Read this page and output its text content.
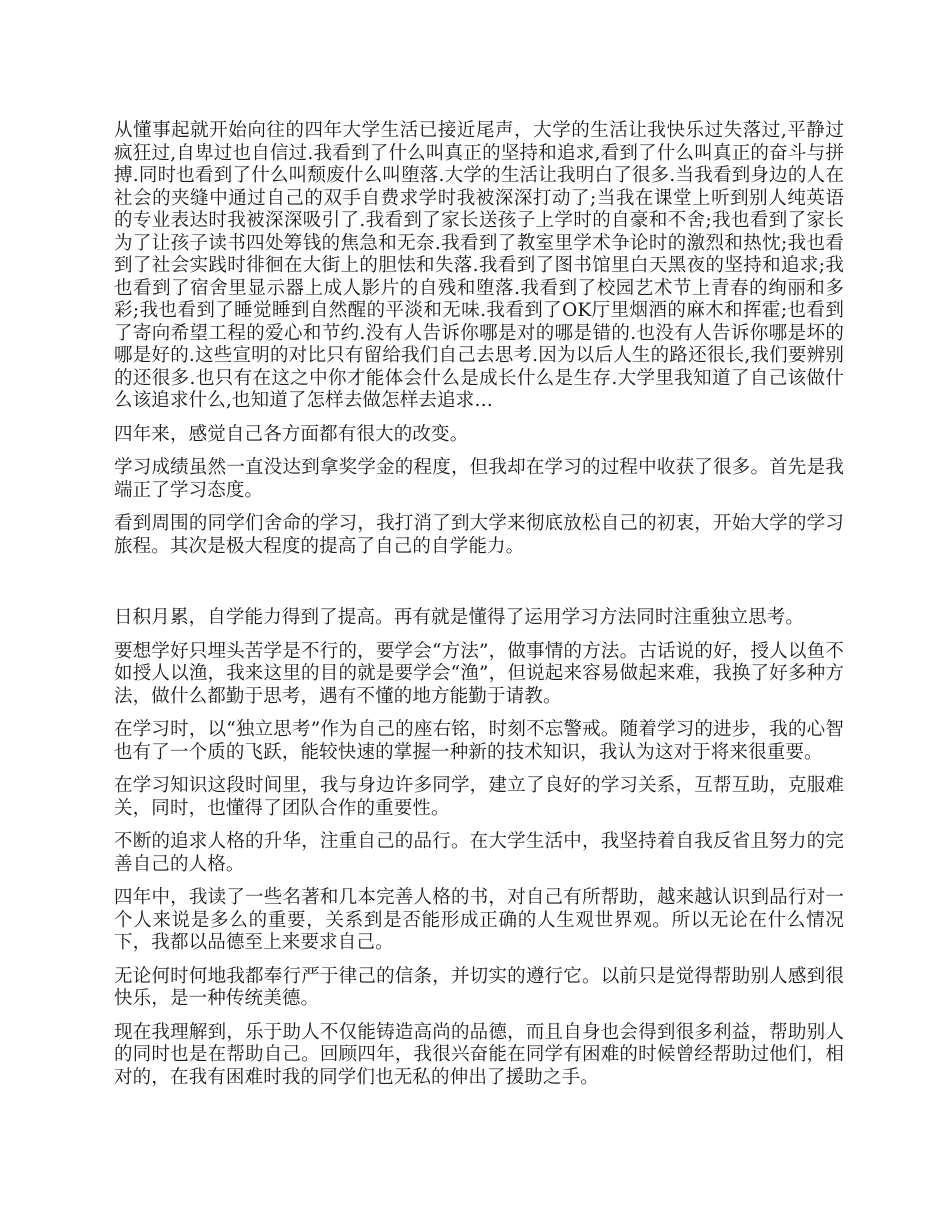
从懂事起就开始向往的四年大学生活已接近尾声，大学的生活让我快乐过失落过,平静过疯狂过,自卑过也自信过.我看到了什么叫真正的坚持和追求,看到了什么叫真正的奋斗与拼搏.同时也看到了什么叫颓废什么叫堕落.大学的生活让我明白了很多.当我看到身边的人在社会的夹缝中通过自己的双手自费求学时我被深深打动了;当我在课堂上听到别人纯英语的专业表达时我被深深吸引了.我看到了家长送孩子上学时的自豪和不舍;我也看到了家长为了让孩子读书四处筹钱的焦急和无奈.我看到了教室里学术争论时的激烈和热忱;我也看到了社会实践时徘徊在大街上的胆怯和失落.我看到了图书馆里白天黑夜的坚持和追求;我也看到了宿舍里显示器上成人影片的自残和堕落.我看到了校园艺术节上青春的绚丽和多彩;我也看到了睡觉睡到自然醒的平淡和无味.我看到了OK厅里烟酒的麻木和挥霍;也看到了寄向希望工程的爱心和节约.没有人告诉你哪是对的哪是错的.也没有人告诉你哪是坏的哪是好的.这些宣明的对比只有留给我们自己去思考.因为以后人生的路还很长,我们要辨别的还很多.也只有在这之中你才能体会什么是成长什么是生存.大学里我知道了自己该做什么该追求什么,也知道了怎样去做怎样去追求…

四年来，感觉自己各方面都有很大的改变。

学习成绩虽然一直没达到拿奖学金的程度，但我却在学习的过程中收获了很多。首先是我端正了学习态度。

看到周围的同学们舍命的学习，我打消了到大学来彻底放松自己的初衷，开始大学的学习旅程。其次是极大程度的提高了自己的自学能力。

日积月累，自学能力得到了提高。再有就是懂得了运用学习方法同时注重独立思考。

要想学好只埋头苦学是不行的，要学会“方法”，做事情的方法。古话说的好，授人以鱼不如授人以渔，我来这里的目的就是要学会“渔”，但说起来容易做起来难，我换了好多种方法，做什么都勤于思考，遇有不懂的地方能勤于请教。

在学习时，以“独立思考”作为自己的座右铭，时刻不忘警戒。随着学习的进步，我的心智也有了一个质的飞跃，能较快速的掌握一种新的技术知识，我认为这对于将来很重要。

在学习知识这段时间里，我与身边许多同学，建立了良好的学习关系，互帮互助，克服难关，同时，也懂得了团队合作的重要性。

不断的追求人格的升华，注重自己的品行。在大学生活中，我坚持着自我反省且努力的完善自己的人格。

四年中，我读了一些名著和几本完善人格的书，对自己有所帮助，越来越认识到品行对一个人来说是多么的重要，关系到是否能形成正确的人生观世界观。所以无论在什么情况下，我都以品德至上来要求自己。

无论何时何地我都奉行严于律己的信条，并切实的遵行它。以前只是觉得帮助别人感到很快乐，是一种传统美德。

现在我理解到，乐于助人不仅能铸造高尚的品德，而且自身也会得到很多利益，帮助别人的同时也是在帮助自己。回顾四年，我很兴奋能在同学有困难的时候曾经帮助过他们，相对的，在我有困难时我的同学们也无私的伸出了援助之手。
